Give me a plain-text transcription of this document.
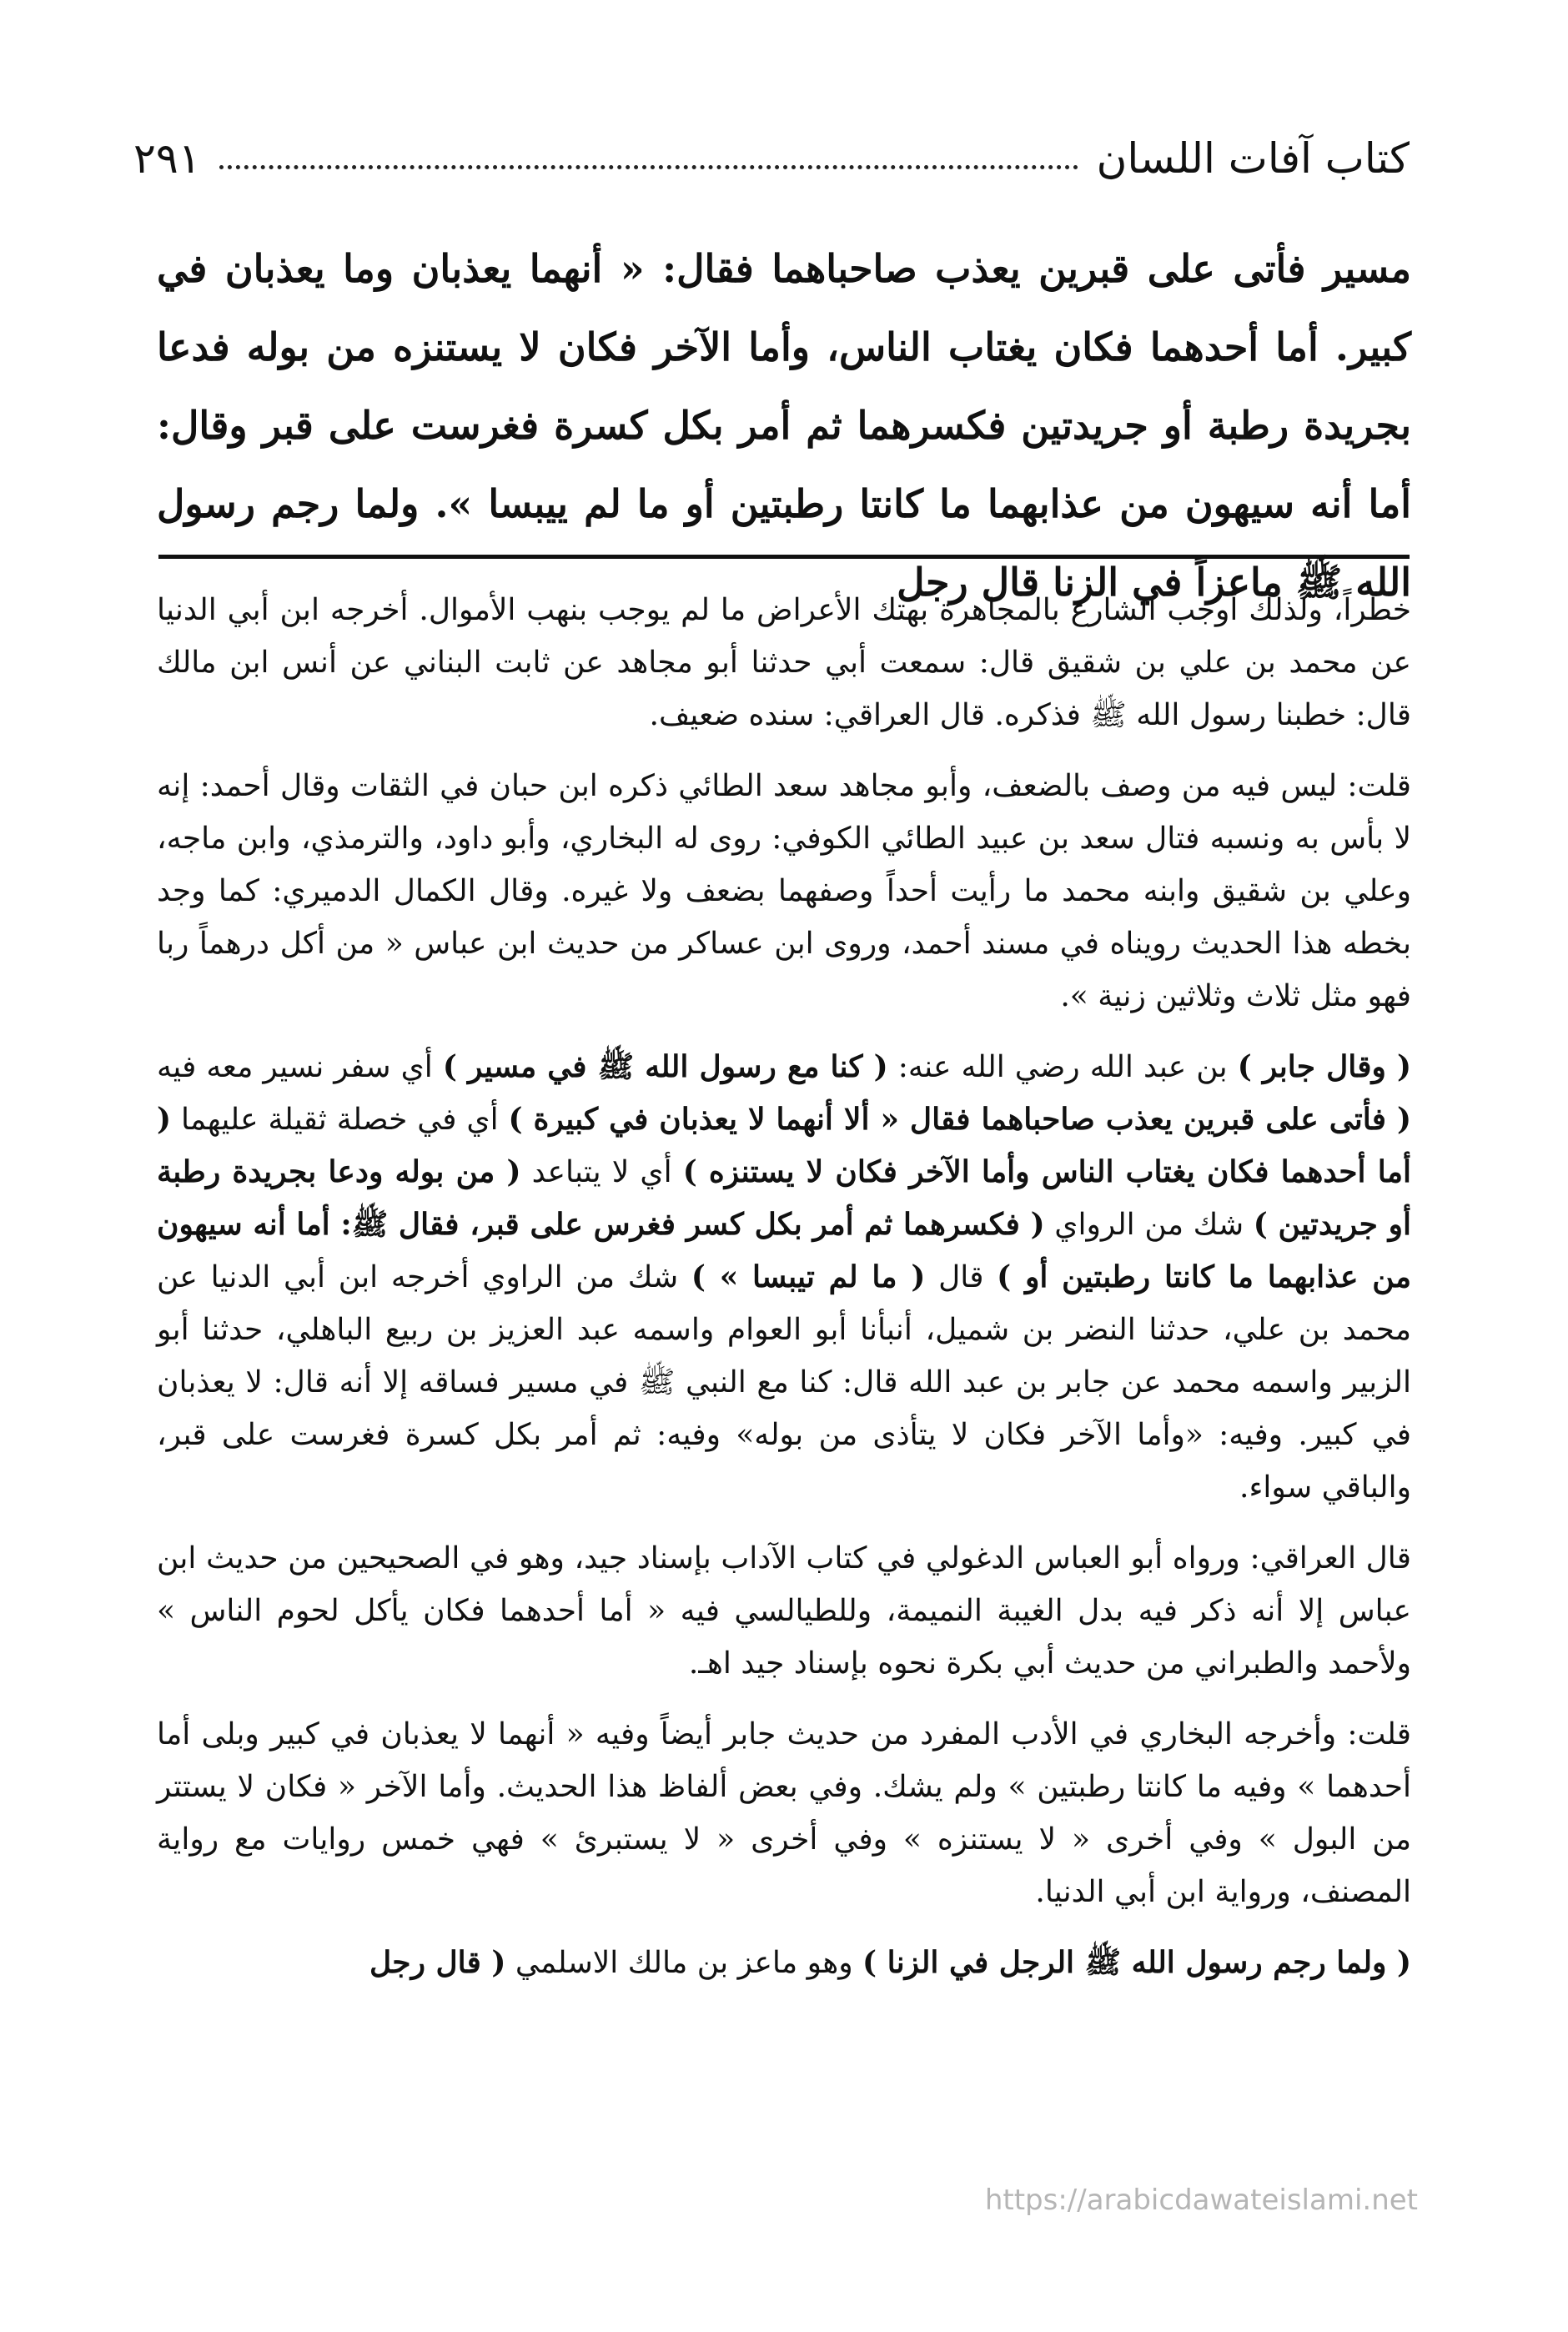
كتاب آفات اللسان
٢٩١
مسير فأتى على قبرين يعذب صاحباهما فقال: « أنهما يعذبان وما يعذبان في كبير. أما أحدهما فكان يغتاب الناس، وأما الآخر فكان لا يستنزه من بوله فدعا بجريدة رطبة أو جريدتين فكسرهما ثم أمر بكل كسرة فغرست على قبر وقال: أما أنه سيهون من عذابهما ما كانتا رطبتين أو ما لم ييبسا ». ولما رجم رسول الله ﷺ ماعزاً في الزنا قال رجل

خطراً، ولذلك أوجب الشارع بالمجاهرة بهتك الأعراض ما لم يوجب بنهب الأموال. أخرجه ابن أبي الدنيا عن محمد بن علي بن شقيق قال: سمعت أبي حدثنا أبو مجاهد عن ثابت البناني عن أنس ابن مالك قال: خطبنا رسول الله ﷺ فذكره. قال العراقي: سنده ضعيف.

قلت: ليس فيه من وصف بالضعف، وأبو مجاهد سعد الطائي ذكره ابن حبان في الثقات وقال أحمد: إنه لا بأس به ونسبه فتال سعد بن عبيد الطائي الكوفي: روى له البخاري، وأبو داود، والترمذي، وابن ماجه، وعلي بن شقيق وابنه محمد ما رأيت أحداً وصفهما بضعف ولا غيره. وقال الكمال الدميري: كما وجد بخطه هذا الحديث رويناه في مسند أحمد، وروى ابن عساكر من حديث ابن عباس « من أكل درهماً ربا فهو مثل ثلاث وثلاثين زنية ».

( وقال جابر ) بن عبد الله رضي الله عنه: ( كنا مع رسول الله ﷺ في مسير ) أي سفر نسير معه فيه ( فأتى على قبرين يعذب صاحباهما فقال « ألا أنهما لا يعذبان في كبيرة ) أي في خصلة ثقيلة عليهما ( أما أحدهما فكان يغتاب الناس وأما الآخر فكان لا يستنزه ) أي لا يتباعد ( من بوله ودعا بجريدة رطبة أو جريدتين ) شك من الرواي ( فكسرهما ثم أمر بكل كسر فغرس على قبر، فقال ﷺ: أما أنه سيهون من عذابهما ما كانتا رطبتين أو ) قال ( ما لم تيبسا » ) شك من الراوي أخرجه ابن أبي الدنيا عن محمد بن علي، حدثنا النضر بن شميل، أنبأنا أبو العوام واسمه عبد العزيز بن ربيع الباهلي، حدثنا أبو الزبير واسمه محمد عن جابر بن عبد الله قال: كنا مع النبي ﷺ في مسير فساقه إلا أنه قال: لا يعذبان في كبير. وفيه: «وأما الآخر فكان لا يتأذى من بوله» وفيه: ثم أمر بكل كسرة فغرست على قبر، والباقي سواء.

قال العراقي: ورواه أبو العباس الدغولي في كتاب الآداب بإسناد جيد، وهو في الصحيحين من حديث ابن عباس إلا أنه ذكر فيه بدل الغيبة النميمة، وللطيالسي فيه « أما أحدهما فكان يأكل لحوم الناس » ولأحمد والطبراني من حديث أبي بكرة نحوه بإسناد جيد اهـ.

قلت: وأخرجه البخاري في الأدب المفرد من حديث جابر أيضاً وفيه « أنهما لا يعذبان في كبير وبلى أما أحدهما » وفيه ما كانتا رطبتين » ولم يشك. وفي بعض ألفاظ هذا الحديث. وأما الآخر « فكان لا يستتر من البول » وفي أخرى « لا يستنزه » وفي أخرى « لا يستبرئ » فهي خمس روايات مع رواية المصنف، ورواية ابن أبي الدنيا.

( ولما رجم رسول الله ﷺ الرجل في الزنا ) وهو ماعز بن مالك الاسلمي ( قال رجل

https://arabicdawateislami.net
